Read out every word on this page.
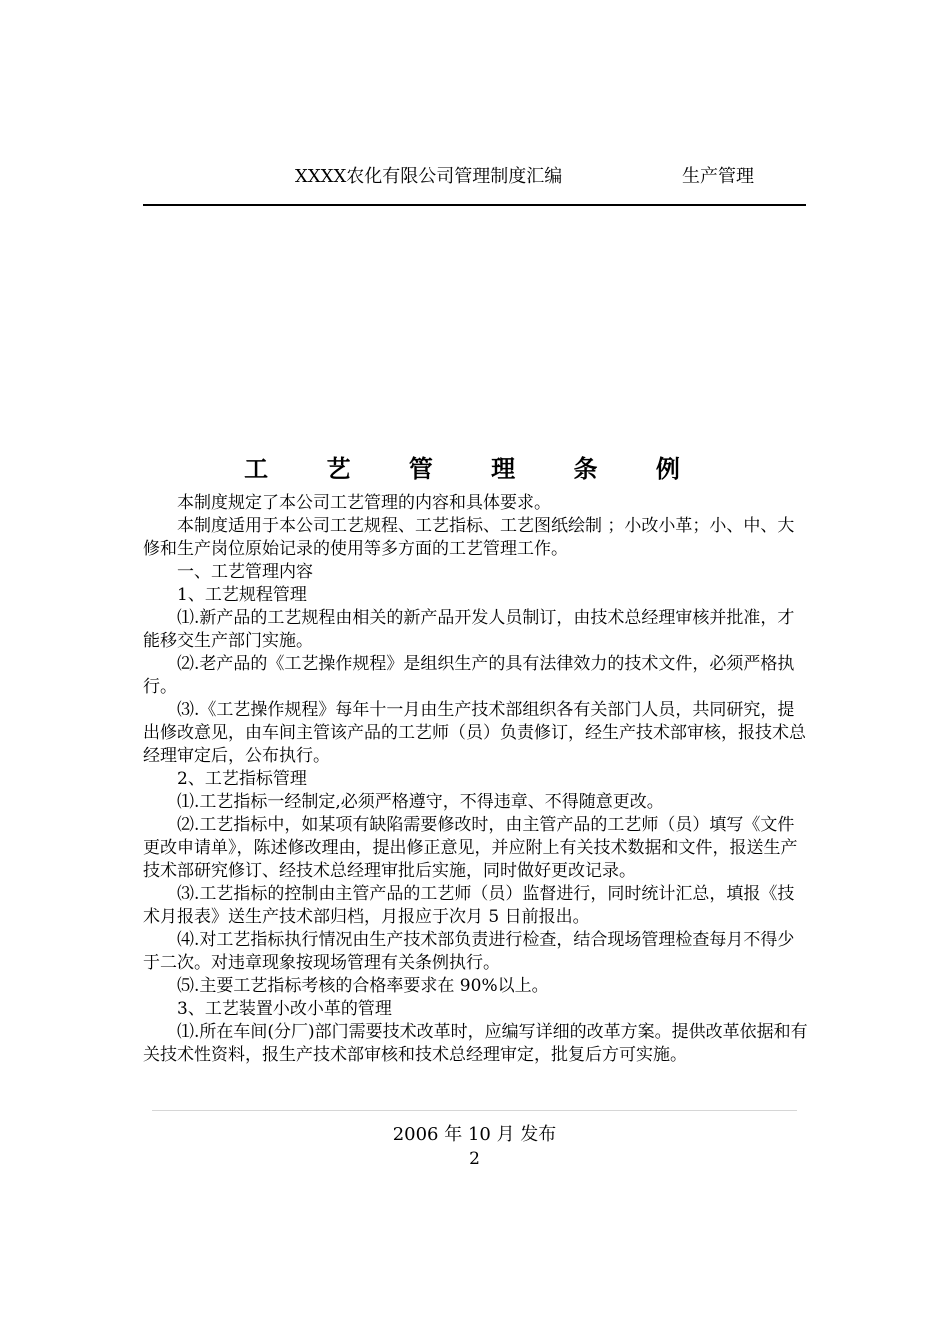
XXXX农化有限公司管理制度汇编	生产管理
工 艺 管 理 条 例

本制度规定了本公司工艺管理的内容和具体要求。

本制度适用于本公司工艺规程、工艺指标、工艺图纸绘制 ；小改小革；小、中、大修和生产岗位原始记录的使用等多方面的工艺管理工作。

一、工艺管理内容

1、工艺规程管理

⑴.新产品的工艺规程由相关的新产品开发人员制订，由技术总经理审核并批准，才能移交生产部门实施。

⑵.老产品的《工艺操作规程》是组织生产的具有法律效力的技术文件，必须严格执行。

⑶.《工艺操作规程》每年十一月由生产技术部组织各有关部门人员，共同研究，提出修改意见，由车间主管该产品的工艺师（员）负责修订，经生产技术部审核，报技术总经理审定后，公布执行。

2、工艺指标管理

⑴.工艺指标一经制定,必须严格遵守，不得违章、不得随意更改。

⑵.工艺指标中，如某项有缺陷需要修改时，由主管产品的工艺师（员）填写《文件更改申请单》，陈述修改理由，提出修正意见，并应附上有关技术数据和文件，报送生产技术部研究修订、经技术总经理审批后实施，同时做好更改记录。

⑶.工艺指标的控制由主管产品的工艺师（员）监督进行，同时统计汇总，填报《技术月报表》送生产技术部归档，月报应于次月 5 日前报出。

⑷.对工艺指标执行情况由生产技术部负责进行检查，结合现场管理检查每月不得少于二次。对违章现象按现场管理有关条例执行。

⑸.主要工艺指标考核的合格率要求在 90%以上。

3、工艺装置小改小革的管理

⑴.所在车间(分厂)部门需要技术改革时，应编写详细的改革方案。提供改革依据和有关技术性资料，报生产技术部审核和技术总经理审定，批复后方可实施。

2006 年 10 月 发布
2
